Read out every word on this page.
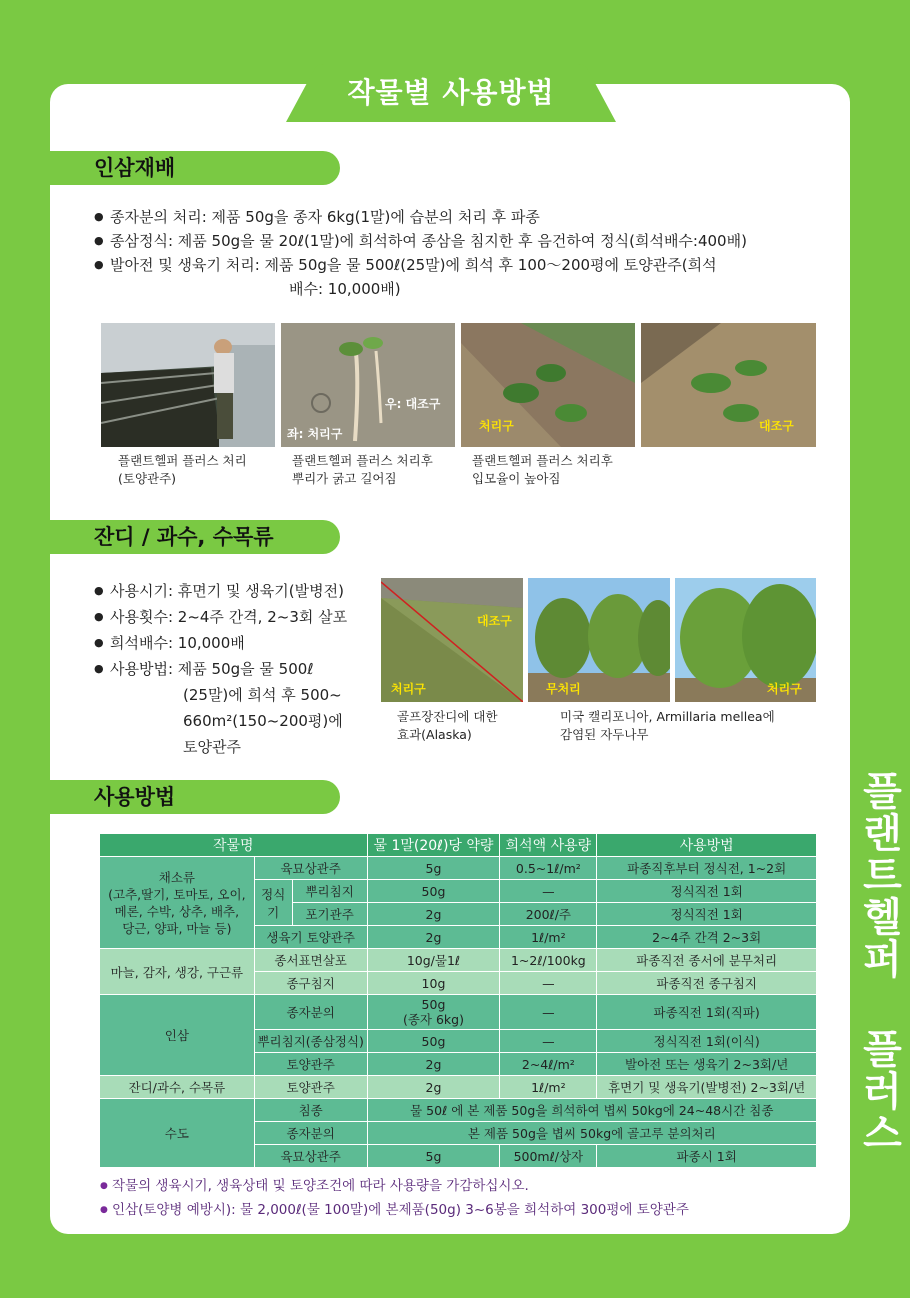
작물별 사용방법
인삼재배
● 종자분의 처리: 제품 50g을 종자 6kg(1말)에 습분의 처리 후 파종
● 종삼정식: 제품 50g을 물 20ℓ(1말)에 희석하여 종삼을 침지한 후 음건하여 정식(희석배수:400배)
● 발아전 및 생육기 처리: 제품 50g을 물 500ℓ(25말)에 희석 후 100～200평에 토양관주(희석
배수: 10,000배)
좌: 처리구
우: 대조구
처리구	대조구
플랜트헬퍼 플러스 처리
(토양관주)
플랜트헬퍼 플러스 처리후
뿌리가 굵고 길어짐
플랜트헬퍼 플러스 처리후
입모율이 높아짐
잔디 / 과수, 수목류
● 사용시기: 휴면기 및 생육기(발병전)
● 사용횟수: 2~4주 간격, 2~3회 살포
● 희석배수: 10,000배
● 사용방법: 제품 50g을 물 500ℓ
(25말)에 희석 후 500~
660m²(150~200평)에
토양관주
대조구
처리구	무처리	처리구
골프장잔디에 대한
효과(Alaska)
미국 캘리포니아, Armillaria mellea에
감염된 자두나무
사용방법
작물명			물 1말(20ℓ)당 약량	희석액 사용량	사용방법
채소류
(고추,딸기, 토마토, 오이,
메론, 수박, 상추, 배추,
당근, 양파, 마늘 등)	육묘상관주		5g	0.5~1ℓ/m²	파종직후부터 정식전, 1~2회
	정식기	뿌리침지	50g	—	정식직전 1회
		포기관주	2g	200ℓ/주	정식직전 1회
	생육기 토양관주		2g	1ℓ/m²	2~4주 간격 2~3회
마늘, 감자, 생강, 구근류	종서표면살포		10g/물1ℓ	1~2ℓ/100kg	파종직전 종서에 분무처리
	종구침지		10g	—	파종직전 종구침지
인삼	종자분의		50g
(종자 6kg)	—	파종직전 1회(직파)
	뿌리침지(종삼정식)		50g	—	정식직전 1회(이식)
	토양관주		2g	2~4ℓ/m²	발아전 또는 생육기 2~3회/년
잔디/과수, 수목류	토양관주		2g	1ℓ/m²	휴면기 및 생육기(발병전) 2~3회/년
수도	침종		물 50ℓ 에 본 제품 50g을 희석하여 볍씨 50kg에 24~48시간 침종		
	종자분의		본 제품 50g을 볍씨 50kg에 골고루 분의처리		
	육묘상관주		5g	500mℓ/상자	파종시 1회
● 작물의 생육시기, 생육상태 및 토양조건에 따라 사용량을 가감하십시오.
● 인삼(토양병 예방시): 물 2,000ℓ(물 100말)에 본제품(50g) 3~6봉을 희석하여 300평에 토양관주
플랜트헬퍼 플러스
